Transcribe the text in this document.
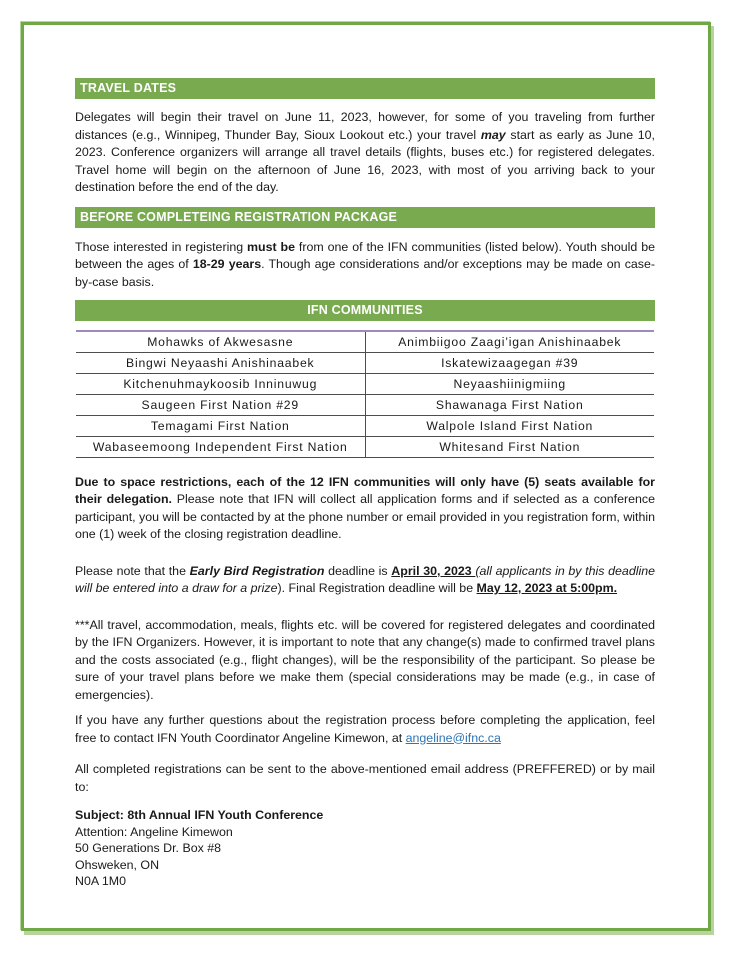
TRAVEL DATES

Delegates will begin their travel on June 11, 2023, however, for some of you traveling from further distances (e.g., Winnipeg, Thunder Bay, Sioux Lookout etc.) your travel may start as early as June 10, 2023. Conference organizers will arrange all travel details (flights, buses etc.) for registered delegates. Travel home will begin on the afternoon of June 16, 2023, with most of you arriving back to your destination before the end of the day.

BEFORE COMPLETEING REGISTRATION PACKAGE

Those interested in registering must be from one of the IFN communities (listed below). Youth should be between the ages of 18-29 years. Though age considerations and/or exceptions may be made on case-by-case basis.

IFN COMMUNITIES
Mohawks of Akwesasne	Animbiigoo Zaagi’igan Anishinaabek
Bingwi Neyaashi Anishinaabek	Iskatewizaagegan #39
Kitchenuhmaykoosib Inninuwug	Neyaashiinigmiing
Saugeen First Nation #29	Shawanaga First Nation
Temagami First Nation	Walpole Island First Nation
Wabaseemoong Independent First Nation	Whitesand First Nation

Due to space restrictions, each of the 12 IFN communities will only have (5) seats available for their delegation. Please note that IFN will collect all application forms and if selected as a conference participant, you will be contacted by at the phone number or email provided in you registration form, within one (1) week of the closing registration deadline.

Please note that the Early Bird Registration deadline is April 30, 2023 (all applicants in by this deadline will be entered into a draw for a prize). Final Registration deadline will be May 12, 2023 at 5:00pm.

***All travel, accommodation, meals, flights etc. will be covered for registered delegates and coordinated by the IFN Organizers. However, it is important to note that any change(s) made to confirmed travel plans and the costs associated (e.g., flight changes), will be the responsibility of the participant. So please be sure of your travel plans before we make them (special considerations may be made (e.g., in case of emergencies).

If you have any further questions about the registration process before completing the application, feel free to contact IFN Youth Coordinator Angeline Kimewon, at angeline@ifnc.ca

All completed registrations can be sent to the above-mentioned email address (PREFFERED) or by mail to:

Subject: 8th Annual IFN Youth Conference

Attention: Angeline Kimewon

50 Generations Dr. Box #8

Ohsweken, ON

N0A 1M0
